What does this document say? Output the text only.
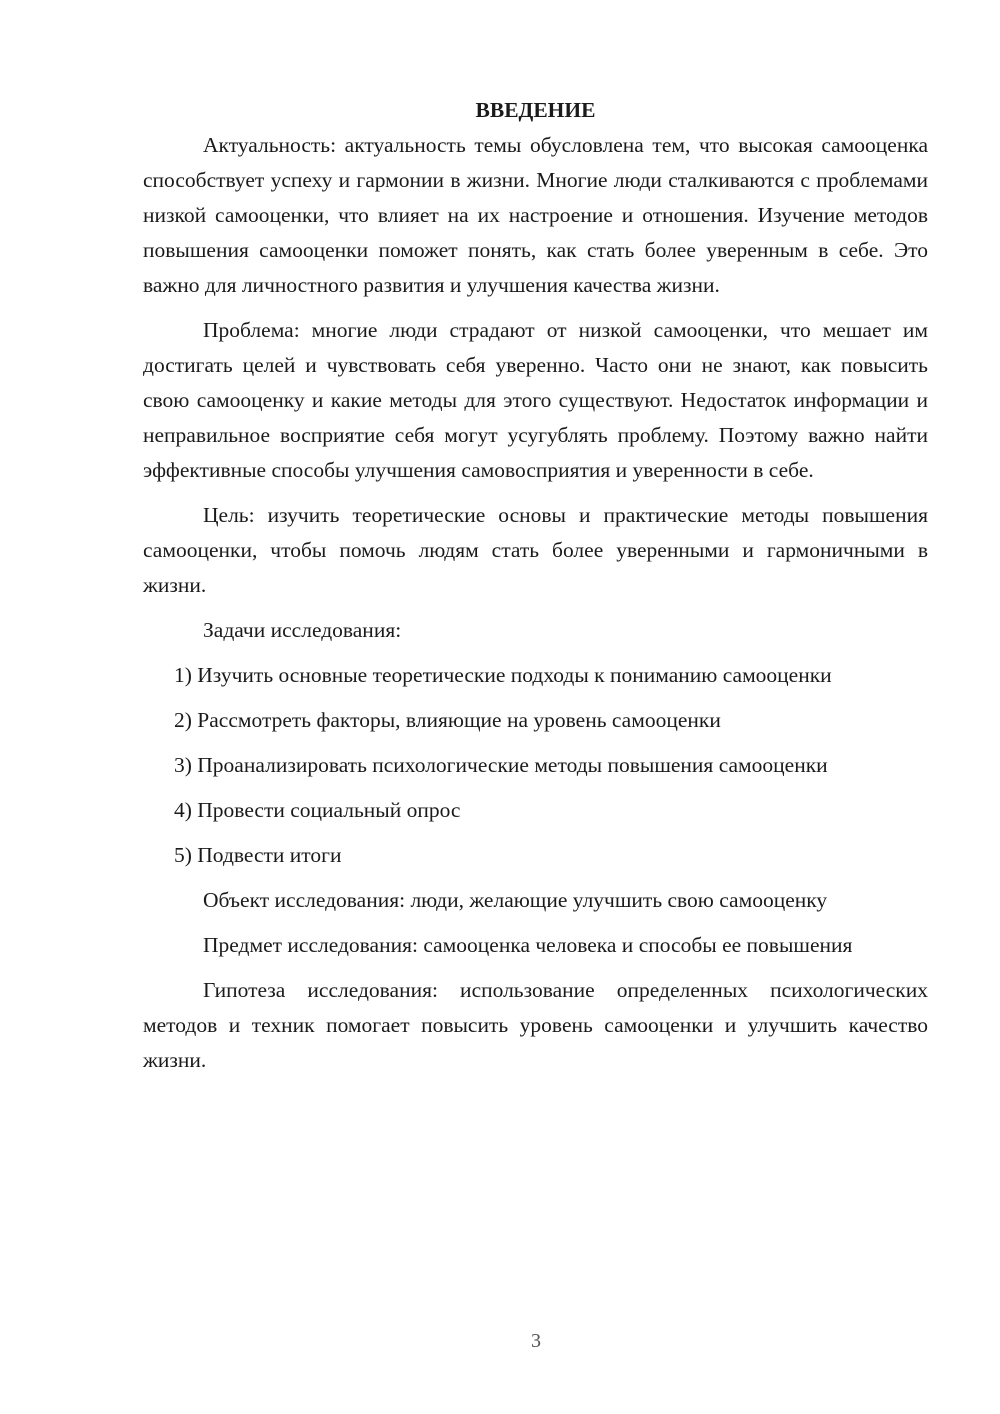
ВВЕДЕНИЕ

Актуальность: актуальность темы обусловлена тем, что высокая самооценка способствует успеху и гармонии в жизни. Многие люди сталкиваются с проблемами низкой самооценки, что влияет на их настроение и отношения. Изучение методов повышения самооценки поможет понять, как стать более уверенным в себе. Это важно для личностного развития и улучшения качества жизни.

Проблема: многие люди страдают от низкой самооценки, что мешает им достигать целей и чувствовать себя уверенно. Часто они не знают, как повысить свою самооценку и какие методы для этого существуют. Недостаток информации и неправильное восприятие себя могут усугублять проблему. Поэтому важно найти эффективные способы улучшения самовосприятия и уверенности в себе.

Цель: изучить теоретические основы и практические методы повышения самооценки, чтобы помочь людям стать более уверенными и гармоничными в жизни.

Задачи исследования:

1) Изучить основные теоретические подходы к пониманию самооценки

2) Рассмотреть факторы, влияющие на уровень самооценки

3) Проанализировать психологические методы повышения самооценки

4) Провести социальный опрос

5) Подвести итоги

Объект исследования: люди, желающие улучшить свою самооценку

Предмет исследования: самооценка человека и способы ее повышения

Гипотеза исследования: использование определенных психологических методов и техник помогает повысить уровень самооценки и улучшить качество жизни.

3
